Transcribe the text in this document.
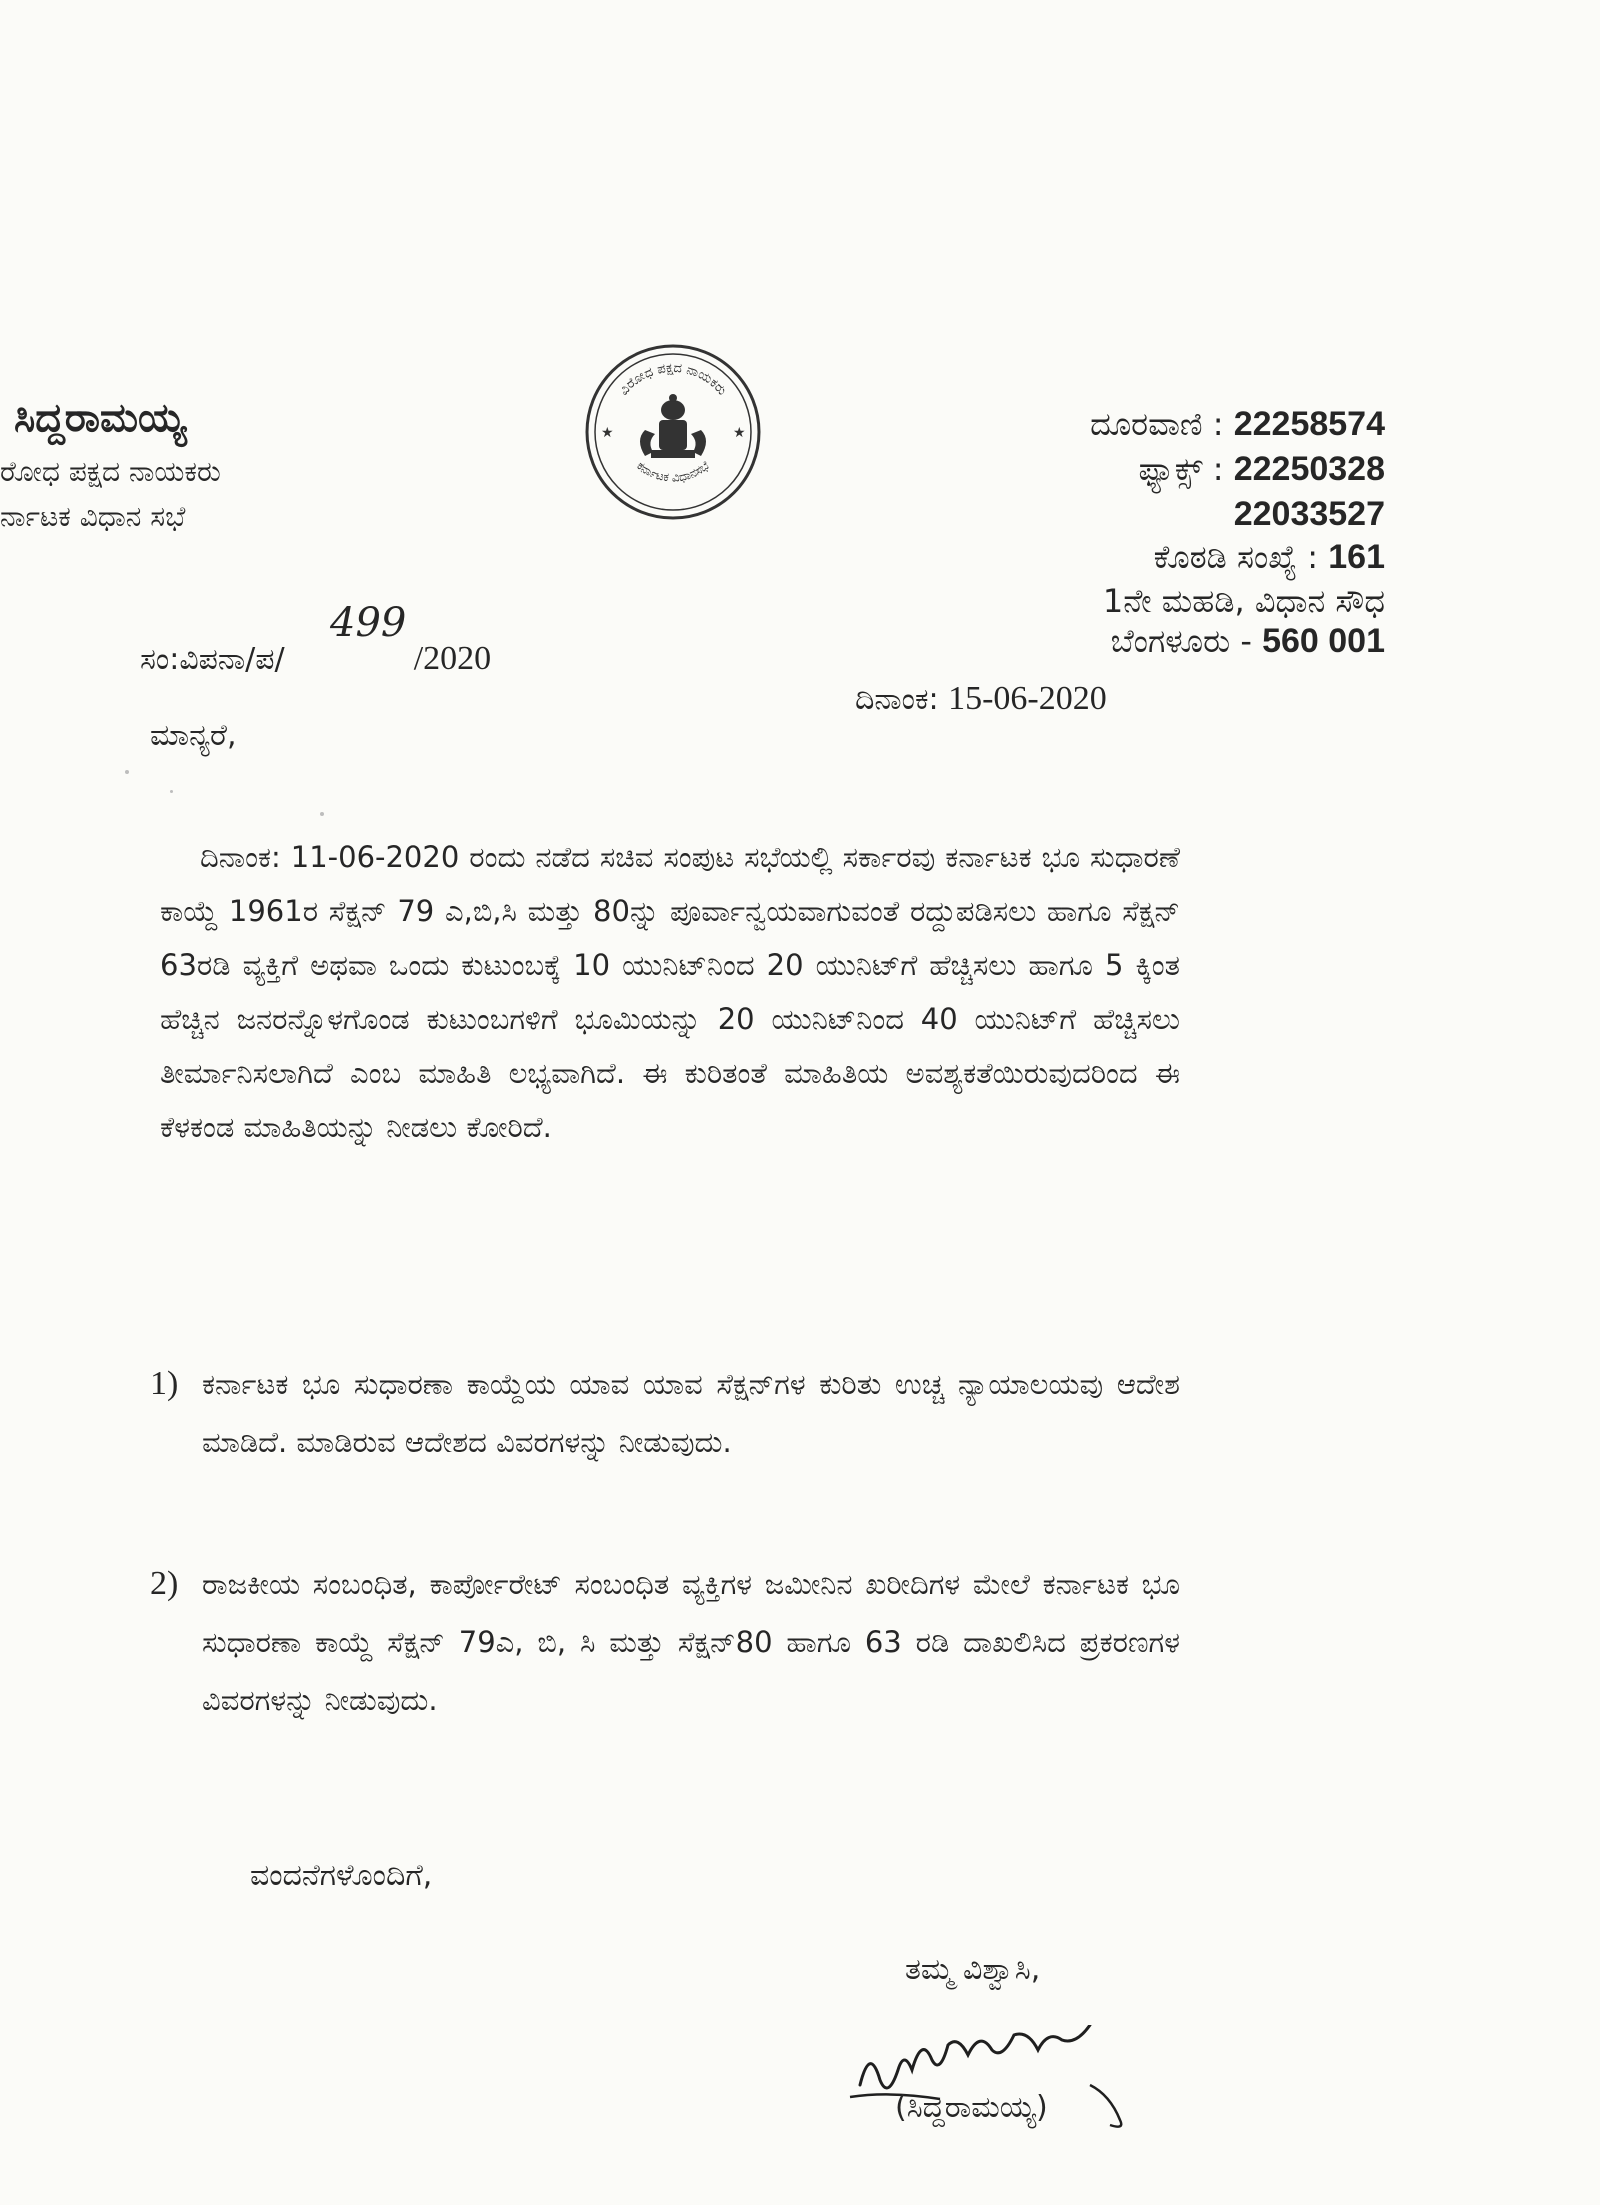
ಸಿದ್ದರಾಮಯ್ಯ
ರೋಧ ಪಕ್ಷದ ನಾಯಕರು
ರ್ನಾಟಕ ವಿಧಾನ ಸಭೆ
ವಿರೋಧ ಪಕ್ಷದ ನಾಯಕರು
ಕರ್ನಾಟಕ ವಿಧಾನಸಭೆ
★	★	ದೂರವಾಣಿ : 22258574
ಫ್ಯಾಕ್ಸ್ : 22250328
22033527
ಕೊಠಡಿ ಸಂಖ್ಯೆ : 161
1ನೇ ಮಹಡಿ, ವಿಧಾನ ಸೌಧ
ಬೆಂಗಳೂರು - 560 001
ಸಂ:ವಿಪನಾ/ಪ/
499
/2020
ದಿನಾಂಕ: 15-06-2020
ಮಾನ್ಯರೆ,
ದಿನಾಂಕ: 11-06-2020 ರಂದು ನಡೆದ ಸಚಿವ ಸಂಪುಟ ಸಭೆಯಲ್ಲಿ ಸರ್ಕಾರವು ಕರ್ನಾಟಕ ಭೂ ಸುಧಾರಣೆ ಕಾಯ್ದೆ 1961ರ ಸೆಕ್ಷನ್ 79 ಎ,ಬಿ,ಸಿ ಮತ್ತು 80ನ್ನು ಪೂರ್ವಾನ್ವಯವಾಗುವಂತೆ ರದ್ದುಪಡಿಸಲು ಹಾಗೂ ಸೆಕ್ಷನ್ 63ರಡಿ ವ್ಯಕ್ತಿಗೆ ಅಥವಾ ಒಂದು ಕುಟುಂಬಕ್ಕೆ 10 ಯುನಿಟ್‌ನಿಂದ 20 ಯುನಿಟ್‌ಗೆ ಹೆಚ್ಚಿಸಲು ಹಾಗೂ 5 ಕ್ಕಿಂತ ಹೆಚ್ಚಿನ ಜನರನ್ನೊಳಗೊಂಡ ಕುಟುಂಬಗಳಿಗೆ ಭೂಮಿಯನ್ನು 20 ಯುನಿಟ್‌ನಿಂದ 40 ಯುನಿಟ್‌ಗೆ ಹೆಚ್ಚಿಸಲು ತೀರ್ಮಾನಿಸಲಾಗಿದೆ ಎಂಬ ಮಾಹಿತಿ ಲಭ್ಯವಾಗಿದೆ. ಈ ಕುರಿತಂತೆ ಮಾಹಿತಿಯ ಅವಶ್ಯಕತೆಯಿರುವುದರಿಂದ ಈ ಕೆಳಕಂಡ ಮಾಹಿತಿಯನ್ನು ನೀಡಲು ಕೋರಿದೆ.
1) ಕರ್ನಾಟಕ ಭೂ ಸುಧಾರಣಾ ಕಾಯ್ದೆಯ ಯಾವ ಯಾವ ಸೆಕ್ಷನ್‌ಗಳ ಕುರಿತು ಉಚ್ಚ ನ್ಯಾಯಾಲಯವು ಆದೇಶ ಮಾಡಿದೆ. ಮಾಡಿರುವ ಆದೇಶದ ವಿವರಗಳನ್ನು ನೀಡುವುದು.
2) ರಾಜಕೀಯ ಸಂಬಂಧಿತ, ಕಾರ್ಪೋರೇಟ್ ಸಂಬಂಧಿತ ವ್ಯಕ್ತಿಗಳ ಜಮೀನಿನ ಖರೀದಿಗಳ ಮೇಲೆ ಕರ್ನಾಟಕ ಭೂ ಸುಧಾರಣಾ ಕಾಯ್ದೆ ಸೆಕ್ಷನ್ 79ಎ, ಬಿ, ಸಿ ಮತ್ತು ಸೆಕ್ಷನ್80 ಹಾಗೂ 63 ರಡಿ ದಾಖಲಿಸಿದ ಪ್ರಕರಣಗಳ ವಿವರಗಳನ್ನು ನೀಡುವುದು.
ವಂದನೆಗಳೊಂದಿಗೆ,
ತಮ್ಮ ವಿಶ್ವಾಸಿ,
(ಸಿದ್ದರಾಮಯ್ಯ)
